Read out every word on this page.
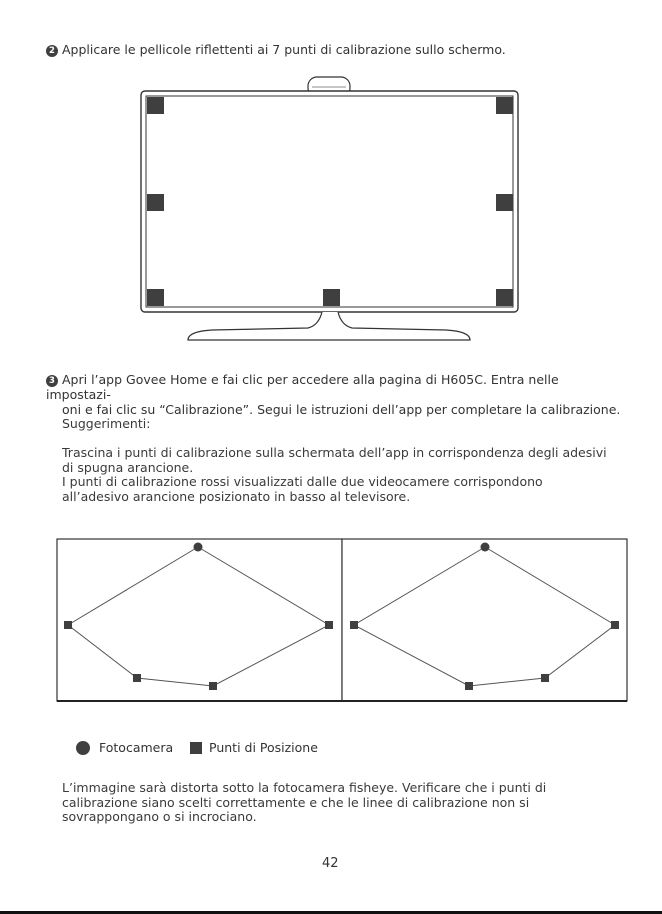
2 Applicare le pellicole riflettenti ai 7 punti di calibrazione sullo schermo.
3 Apri l’app Govee Home e fai clic per accedere alla pagina di H605C. Entra nelle impostazi-
oni e fai clic su “Calibrazione”. Segui le istruzioni dell’app per completare la calibrazione.
Suggerimenti:
Trascina i punti di calibrazione sulla schermata dell’app in corrispondenza degli adesivi di spugna arancione.
I punti di calibrazione rossi visualizzati dalle due videocamere corrispondono all’adesivo arancione posizionato in basso al televisore.
Fotocamera	Punti di Posizione
L’immagine sarà distorta sotto la fotocamera fisheye. Verificare che i punti di calibrazione siano scelti correttamente e che le linee di calibrazione non si sovrappongano o si incrociano.
42
